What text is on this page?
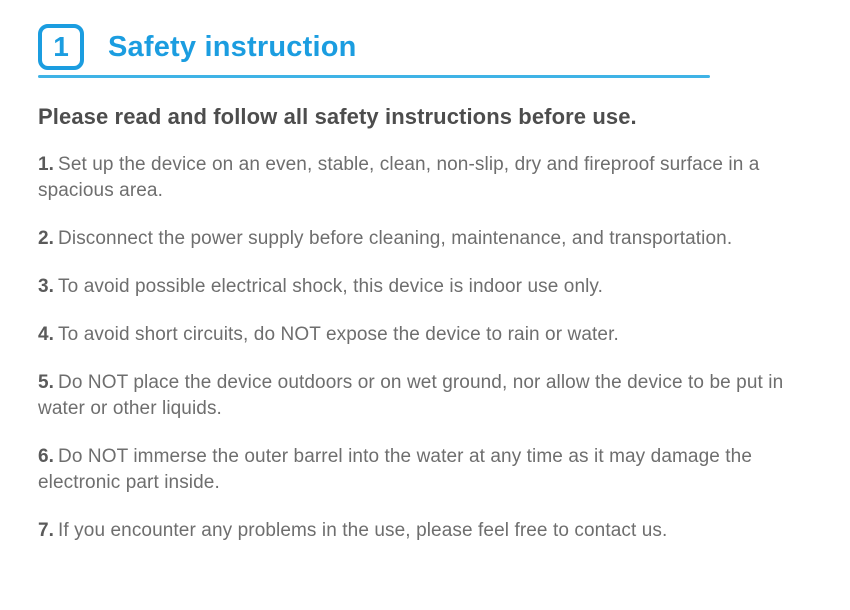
1 Safety instruction
Please read and follow all safety instructions before use.
1. Set up the device on an even, stable, clean, non-slip, dry and fireproof surface in a spacious area.
2. Disconnect the power supply before cleaning, maintenance, and transportation.
3. To avoid possible electrical shock, this device is indoor use only.
4. To avoid short circuits, do NOT expose the device to rain or water.
5. Do NOT place the device outdoors or on wet ground, nor allow the device to be put in water or other liquids.
6. Do NOT immerse the outer barrel into the water at any time as it may damage the electronic part inside.
7. If you encounter any problems in the use, please feel free to contact us.
